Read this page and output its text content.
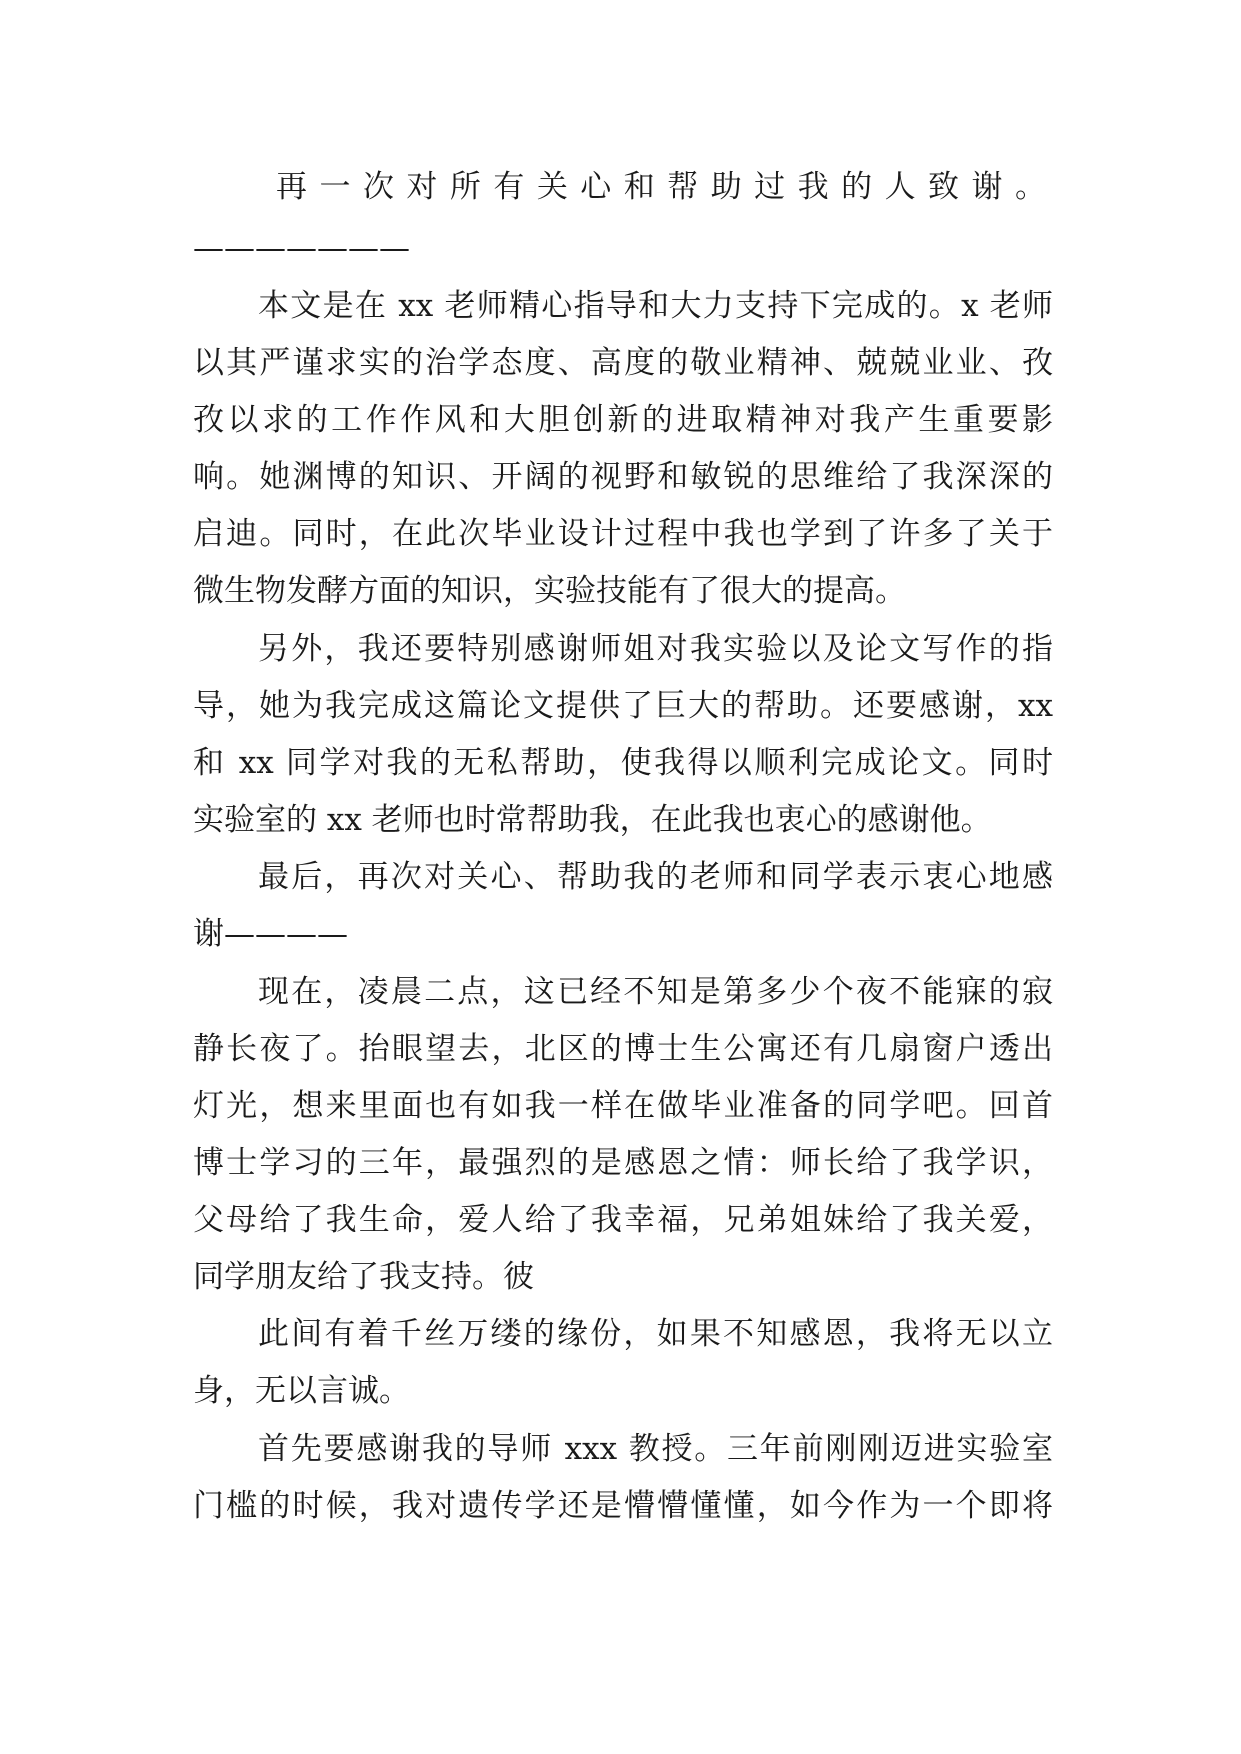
再 一 次 对 所 有 关 心 和 帮 助 过 我 的 人 致 谢 。
———————
本文是在 xx 老师精心指导和大力支持下完成的。x 老师
以其严谨求实的治学态度、高度的敬业精神、兢兢业业、孜
孜以求的工作作风和大胆创新的进取精神对我产生重要影
响。她渊博的知识、开阔的视野和敏锐的思维给了我深深的
启迪。同时，在此次毕业设计过程中我也学到了许多了关于
微生物发酵方面的知识，实验技能有了很大的提高。
另外，我还要特别感谢师姐对我实验以及论文写作的指
导，她为我完成这篇论文提供了巨大的帮助。还要感谢，xx
和 xx 同学对我的无私帮助，使我得以顺利完成论文。同时
实验室的 xx 老师也时常帮助我，在此我也衷心的感谢他。
最后，再次对关心、帮助我的老师和同学表示衷心地感
谢————
现在，凌晨二点，这已经不知是第多少个夜不能寐的寂
静长夜了。抬眼望去，北区的博士生公寓还有几扇窗户透出
灯光，想来里面也有如我一样在做毕业准备的同学吧。回首
博士学习的三年，最强烈的是感恩之情：师长给了我学识，
父母给了我生命，爱人给了我幸福，兄弟姐妹给了我关爱，
同学朋友给了我支持。彼
此间有着千丝万缕的缘份，如果不知感恩，我将无以立
身，无以言诚。
首先要感谢我的导师 xxx 教授。三年前刚刚迈进实验室
门槛的时候，我对遗传学还是懵懵懂懂，如今作为一个即将
